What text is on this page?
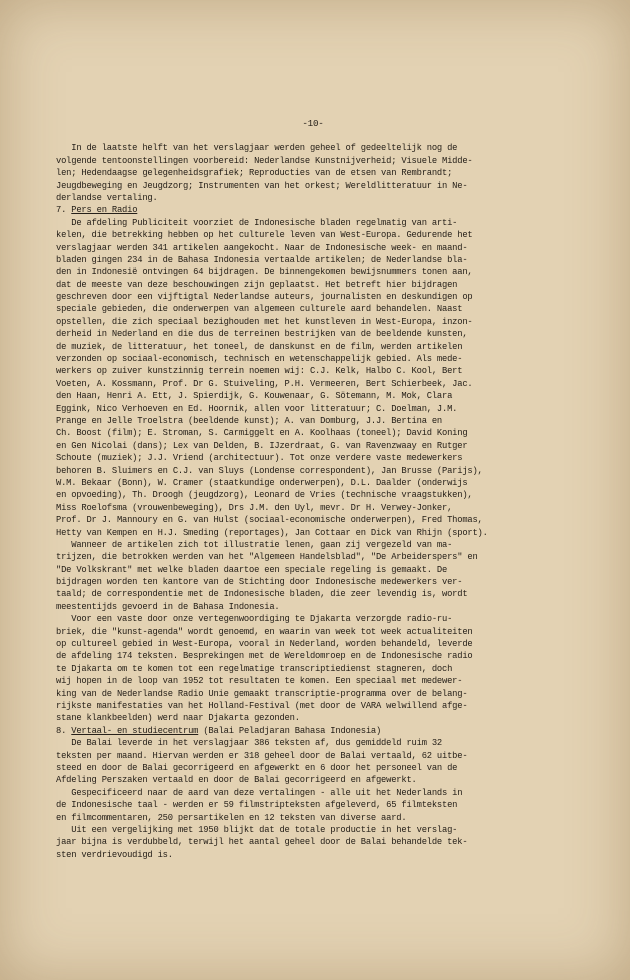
-10-
In de laatste helft van het verslagjaar werden geheel of gedeeltelijk nog de
volgende tentoonstellingen voorbereid: Nederlandse Kunstnijverheid; Visuele Midde-
len; Hedendaagse gelegenheidsgrafiek; Reproducties van de etsen van Rembrandt;
Jeugdbeweging en Jeugdzorg; Instrumenten van het orkest; Wereldlitteratuur in Ne-
derlandse vertaling.
7. Pers en Radio
De afdeling Publiciteit voorziet de Indonesische bladen regelmatig van arti-
kelen, die betrekking hebben op het culturele leven van West-Europa. Gedurende het
verslagjaar werden 341 artikelen aangekocht. Naar de Indonesische week- en maand-
bladen gingen 234 in de Bahasa Indonesia vertaalde artikelen; de Nederlandse bla-
den in Indonesië ontvingen 64 bijdragen. De binnengekomen bewijsnummers tonen aan,
dat de meeste van deze beschouwingen zijn geplaatst. Het betreft hier bijdragen
geschreven door een vijftigtal Nederlandse auteurs, journalisten en deskundigen op
speciale gebieden, die onderwerpen van algemeen culturele aard behandelen. Naast
opstellen, die zich speciaal bezighouden met het kunstleven in West-Europa, inzon-
derheid in Nederland en die dus de terreinen bestrijken van de beeldende kunsten,
de muziek, de litteratuur, het toneel, de danskunst en de film, werden artikelen
verzonden op sociaal-economisch, technisch en wetenschappelijk gebied. Als mede-
werkers op zuiver kunstzinnig terrein noemen wij: C.J. Kelk, Halbo C. Kool, Bert
Voeten, A. Kossmann, Prof. Dr G. Stuiveling, P.H. Vermeeren, Bert Schierbeek, Jac.
den Haan, Henri A. Ett, J. Spierdijk, G. Kouwenaar, G. Sötemann, M. Mok, Clara
Eggink, Nico Verhoeven en Ed. Hoornik, allen voor litteratuur; C. Doelman, J.M.
Prange en Jelle Troelstra (beeldende kunst); A. van Domburg, J.J. Bertina en
Ch. Boost (film); E. Stroman, S. Carmiggelt en A. Koolhaas (toneel); David Koning
en Gen Nicolai (dans); Lex van Delden, B. IJzerdraat, G. van Ravenzwaay en Rutger
Schoute (muziek); J.J. Vriend (architectuur). Tot onze verdere vaste medewerkers
behoren B. Sluimers en C.J. van Sluys (Londense correspondent), Jan Brusse (Parijs),
W.M. Bekaar (Bonn), W. Cramer (staatkundige onderwerpen), D.L. Daalder (onderwijs
en opvoeding), Th. Droogh (jeugdzorg), Leonard de Vries (technische vraagstukken),
Miss Roelofsma (vrouwenbeweging), Drs J.M. den Uyl, mevr. Dr H. Verwey-Jonker,
Prof. Dr J. Mannoury en G. van Hulst (sociaal-economische onderwerpen), Fred Thomas,
Hetty van Kempen en H.J. Smeding (reportages), Jan Cottaar en Dick van Rhijn (sport).
Wanneer de artikelen zich tot illustratie lenen, gaan zij vergezeld van ma-
trijzen, die betrokken werden van het "Algemeen Handelsblad", "De Arbeiderspers" en
"De Volkskrant" met welke bladen daartoe een speciale regeling is gemaakt. De
bijdragen worden ten kantore van de Stichting door Indonesische medewerkers ver-
taald; de correspondentie met de Indonesische bladen, die zeer levendig is, wordt
meestentijds gevoerd in de Bahasa Indonesia.
Voor een vaste door onze vertegenwoordiging te Djakarta verzorgde radio-ru-
briek, die "kunst-agenda" wordt genoemd, en waarin van week tot week actualiteiten
op cultureel gebied in West-Europa, vooral in Nederland, worden behandeld, leverde
de afdeling 174 teksten. Besprekingen met de Wereldomroep en de Indonesische radio
te Djakarta om te komen tot een regelmatige transcriptiedienst stagneren, doch
wij hopen in de loop van 1952 tot resultaten te komen. Een speciaal met medewer-
king van de Nederlandse Radio Unie gemaakt transcriptie-programma over de belang-
rijkste manifestaties van het Holland-Festival (met door de VARA welwillend afge-
stane klankbeelden) werd naar Djakarta gezonden.
8. Vertaal- en studiecentrum (Balai Peladjaran Bahasa Indonesia)
De Balai leverde in het verslagjaar 386 teksten af, dus gemiddeld ruim 32
teksten per maand. Hiervan werden er 318 geheel door de Balai vertaald, 62 uitbe-
steed en door de Balai gecorrigeerd en afgewerkt en 6 door het personeel van de
Afdeling Perszaken vertaald en door de Balai gecorrigeerd en afgewerkt.
Gespecificeerd naar de aard van deze vertalingen - alle uit het Nederlands in
de Indonesische taal - werden er 59 filmstripteksten afgeleverd, 65 filmteksten
en filmcommentaren, 250 persartikelen en 12 teksten van diverse aard.
Uit een vergelijking met 1950 blijkt dat de totale productie in het verslag-
jaar bijna is verdubbeld, terwijl het aantal geheel door de Balai behandelde tek-
sten verdrievoudigd is.
